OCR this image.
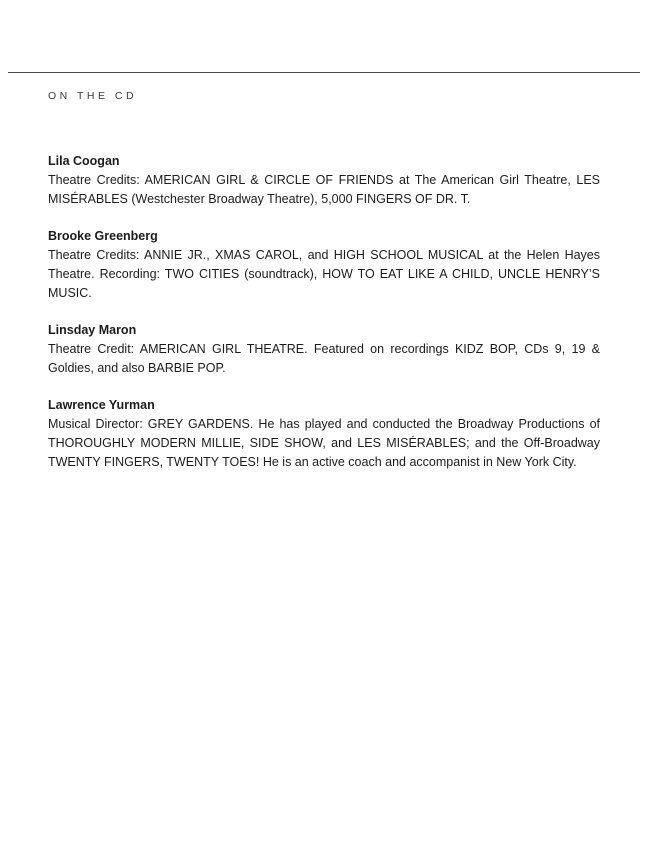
ON THE CD
Lila Coogan
Theatre Credits: AMERICAN GIRL & CIRCLE OF FRIENDS at The American Girl Theatre, LES MISÉRABLES (Westchester Broadway Theatre), 5,000 FINGERS OF DR. T.
Brooke Greenberg
Theatre Credits: ANNIE JR., XMAS CAROL, and HIGH SCHOOL MUSICAL at the Helen Hayes Theatre. Recording: TWO CITIES (soundtrack), HOW TO EAT LIKE A CHILD, UNCLE HENRY’S MUSIC.
Linsday Maron
Theatre Credit: AMERICAN GIRL THEATRE. Featured on recordings KIDZ BOP, CDs 9, 19 & Goldies, and also BARBIE POP.
Lawrence Yurman
Musical Director: GREY GARDENS. He has played and conducted the Broadway Productions of THOROUGHLY MODERN MILLIE, SIDE SHOW, and LES MISÉRABLES; and the Off-Broadway TWENTY FINGERS, TWENTY TOES! He is an active coach and accompanist in New York City.
